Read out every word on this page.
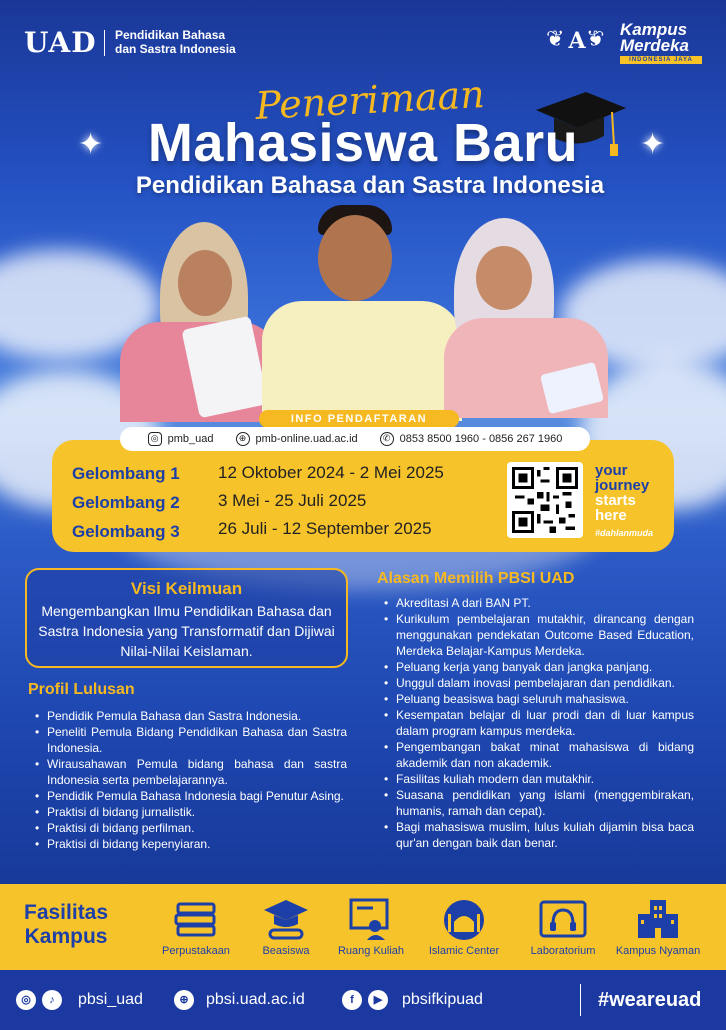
✦	✦
UAD Pendidikan Bahasa
dan Sastra Indonesia	❦ A ❦ Kampus
Merdeka
INDONESIA JAYA
Penerimaan
Mahasiswa Baru
Pendidikan Bahasa dan Sastra Indonesia
INFO PENDAFTARAN
◎ pmb_uad	⊕ pmb-online.uad.ac.id	✆ 0853 8500 1960 - 0856 267 1960
Gelombang 1 12 Oktober 2024 - 2 Mei 2025
Gelombang 2 3 Mei - 25 Juli 2025
Gelombang 3 26 Juli - 12 September 2025
your
journey
starts
here
#dahlanmuda
Visi Keilmuan
Mengembangkan Ilmu Pendidikan Bahasa dan Sastra Indonesia yang Transformatif dan Dijiwai Nilai-Nilai Keislaman.
Profil Lulusan
• Pendidik Pemula Bahasa dan Sastra Indonesia.
• Peneliti Pemula Bidang Pendidikan Bahasa dan Sastra Indonesia.
• Wirausahawan Pemula bidang bahasa dan sastra Indonesia serta pembelajarannya.
• Pendidik Pemula Bahasa Indonesia bagi Penutur Asing.
• Praktisi di bidang jurnalistik.
• Praktisi di bidang perfilman.
• Praktisi di bidang kepenyiaran.
Alasan Memilih PBSI UAD
• Akreditasi A dari BAN PT.
• Kurikulum pembelajaran mutakhir, dirancang dengan menggunakan pendekatan Outcome Based Education, Merdeka Belajar-Kampus Merdeka.
• Peluang kerja yang banyak dan jangka panjang.
• Unggul dalam inovasi pembelajaran dan pendidikan.
• Peluang beasiswa bagi seluruh mahasiswa.
• Kesempatan belajar di luar prodi dan di luar kampus dalam program kampus merdeka.
• Pengembangan bakat minat mahasiswa di bidang akademik dan non akademik.
• Fasilitas kuliah modern dan mutakhir.
• Suasana pendidikan yang islami (menggembirakan, humanis, ramah dan cepat).
• Bagi mahasiswa muslim, lulus kuliah dijamin bisa baca qur'an dengan baik dan benar.
Fasilitas
Kampus
Perpustakaan	Beasiswa	Ruang Kuliah	Islamic Center	Laboratorium	Kampus Nyaman
◎	♪	pbsi_uad	⊕	pbsi.uad.ac.id	f	▶	pbsifkipuad	#weareuad
